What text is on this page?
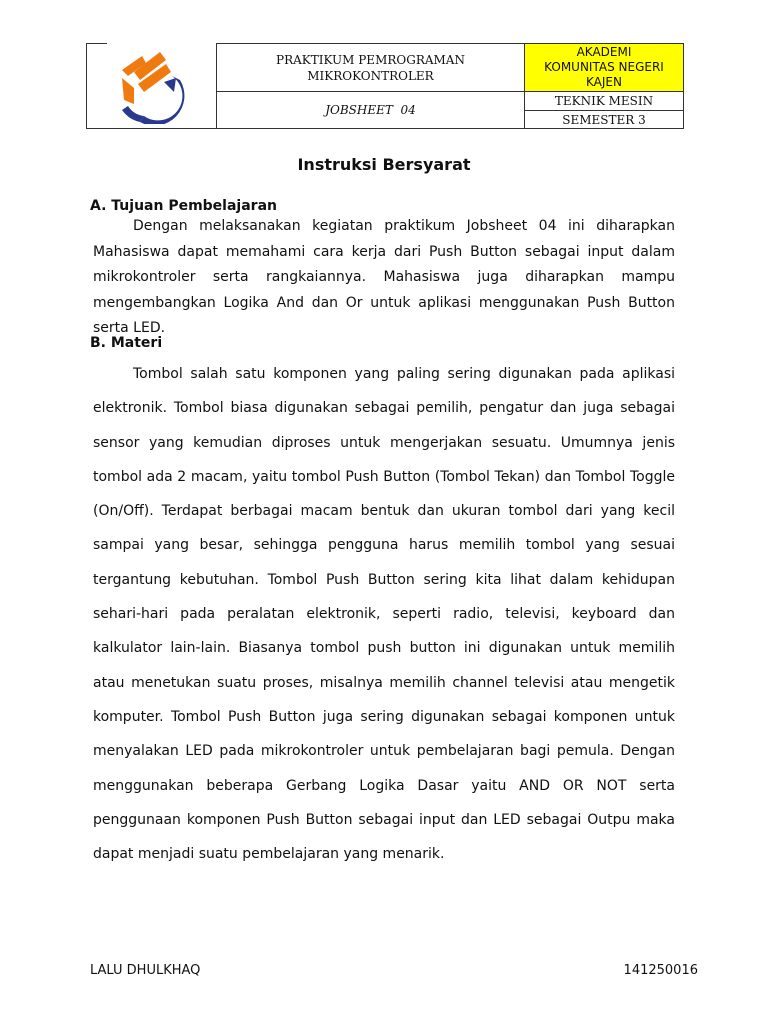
PRAKTIKUM PEMROGRAMAN
MIKROKONTROLER
JOBSHEET  04
AKADEMI
KOMUNITAS NEGERI
KAJEN
TEKNIK MESIN
SEMESTER 3
Instruksi Bersyarat
A. Tujuan Pembelajaran

Dengan melaksanakan kegiatan praktikum Jobsheet 04 ini diharapkan Mahasiswa dapat memahami cara kerja dari Push Button sebagai input dalam mikrokontroler serta rangkaiannya. Mahasiswa juga diharapkan mampu mengembangkan Logika And dan Or untuk aplikasi menggunakan Push Button serta LED.

B. Materi

Tombol salah satu komponen yang paling sering digunakan pada aplikasi elektronik. Tombol biasa digunakan sebagai pemilih, pengatur dan juga sebagai sensor yang kemudian diproses untuk mengerjakan sesuatu. Umumnya jenis tombol ada 2 macam, yaitu tombol Push Button (Tombol Tekan) dan Tombol Toggle (On/Off). Terdapat berbagai macam bentuk dan ukuran tombol dari yang kecil sampai yang besar, sehingga pengguna harus memilih tombol yang sesuai tergantung kebutuhan. Tombol Push Button sering kita lihat dalam kehidupan sehari-hari pada peralatan elektronik, seperti radio, televisi, keyboard dan kalkulator lain-lain. Biasanya tombol push button ini digunakan untuk memilih atau menetukan suatu proses, misalnya memilih channel televisi atau mengetik komputer. Tombol Push Button juga sering digunakan sebagai komponen untuk menyalakan LED pada mikrokontroler untuk pembelajaran bagi pemula. Dengan menggunakan beberapa Gerbang Logika Dasar yaitu AND OR NOT serta penggunaan komponen Push Button sebagai input dan LED sebagai Outpu maka dapat menjadi suatu pembelajaran yang menarik.

LALU DHULKHAQ	141250016
